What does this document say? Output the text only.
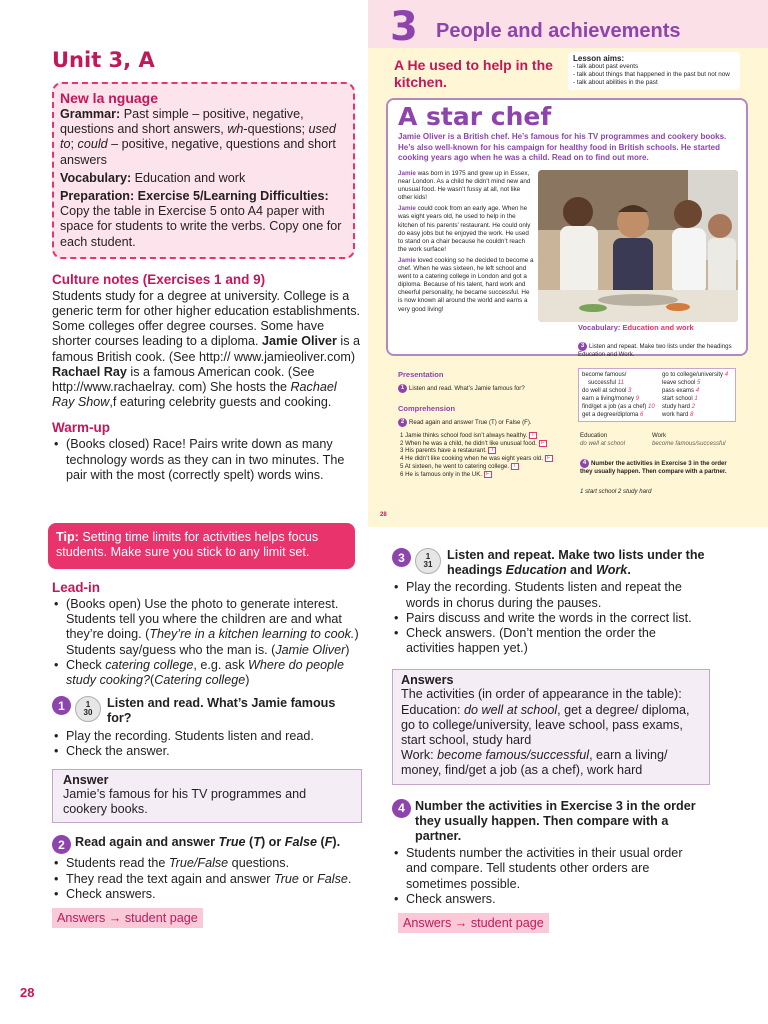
Unit 3, A
New la nguage
Grammar: Past simple – positive, negative, questions and short answers, wh-questions; used to; could – positive, negative, questions and short answers
Vocabulary: Education and work
Preparation: Exercise 5/Learning Difficulties: Copy the table in Exercise 5 onto A4 paper with space for students to write the verbs. Copy one for each student.
Culture notes (Exercises 1 and 9)
Students study for a degree at university. College is a generic term for other higher education establishments. Some colleges offer degree courses. Some have shorter courses leading to a diploma. Jamie Oliver is a famous British cook. (See http:// www.jamieoliver.com) Rachael Ray is a famous American cook. (See http://www.rachaelray. com) She hosts the Rachael Ray Show,f eaturing celebrity guests and cooking.
Warm-up
• (Books closed) Race! Pairs write down as many technology words as they can in two minutes. The pair with the most (correctly spelt) words wins.
Tip: Setting time limits for activities helps focus students. Make sure you stick to any limit set.
Lead-in
• (Books open) Use the photo to generate interest. Students tell you where the children are and what they’re doing. (They’re in a kitchen learning to cook.) Students say/guess who the man is. (Jamie Oliver)
• Check catering college, e.g. ask Where do people study cooking?(Catering college)
1	1
30
Listen and read. What’s Jamie famous for?
• Play the recording. Students listen and read.
• Check the answer.
Answer
Jamie’s famous for his TV programmes and cookery books.
2 Read again and answer True (T) or False (F).
• Students read the True/False questions.
• They read the text again and answer True or False.
• Check answers.
Answers → student page
28
3 People and achievements
A He used to help in the kitchen.
Lesson aims:
- talk about past events
- talk about things that happened in the past but not now
- talk about abilities in the past
A star chef
Jamie Oliver is a British chef. He’s famous for his TV programmes and cookery books. He’s also well-known for his campaign for healthy food in British schools. He started cooking years ago when he was a child. Read on to find out more.

Jamie was born in 1975 and grew up in Essex, near London. As a child he didn’t mind new and unusual food. He wasn’t fussy at all, not like other kids!

Jamie could cook from an early age. When he was eight years old, he used to help in the kitchen of his parents’ restaurant. He could only do easy jobs but he enjoyed the work. He used to stand on a chair because he couldn’t reach the work surface!

Jamie loved cooking so he decided to become a chef. When he was sixteen, he left school and went to a catering college in London and got a diploma. Because of his talent, hard work and cheerful personality, he became successful. He is now known all around the world and earns a very good living!

Presentation
1 Listen and read. What’s Jamie famous for?
Comprehension
2 Read again and answer True (T) or False (F).
1 Jamie thinks school food isn’t always healthy. T
2 When he was a child, he didn’t like unusual food. F
3 His parents have a restaurant. T
4 He didn’t like cooking when he was eight years old. F
5 At sixteen, he went to catering college. T
6 He is famous only in the UK. F
Vocabulary: Education and work
3 Listen and repeat. Make two lists under the headings Education and Work.
become famous/	go to college/university 4
successful 11	leave school 5
do well at school 3	pass exams 4
earn a living/money 9	start school 1
find/get a job (as a chef) 10 study hard 2
get a degree/diploma 6	work hard 8
Education	Work
do well at school	become famous/successful
4 Number the activities in Exercise 3 in the order they usually happen. Then compare with a partner.
1 start school 2 study hard
28
3	1
31
Listen and repeat. Make two lists under the headings Education and Work.
• Play the recording. Students listen and repeat the words in chorus during the pauses.
• Pairs discuss and write the words in the correct list.
• Check answers. (Don’t mention the order the activities happen yet.)
Answers
The activities (in order of appearance in the table):
Education: do well at school, get a degree/ diploma, go to college/university, leave school, pass exams, start school, study hard
Work: become famous/successful, earn a living/ money, find/get a job (as a chef), work hard
4 Number the activities in Exercise 3 in the order they usually happen. Then compare with a partner.
• Students number the activities in their usual order and compare. Tell students other orders are sometimes possible.
• Check answers.
Answers → student page
